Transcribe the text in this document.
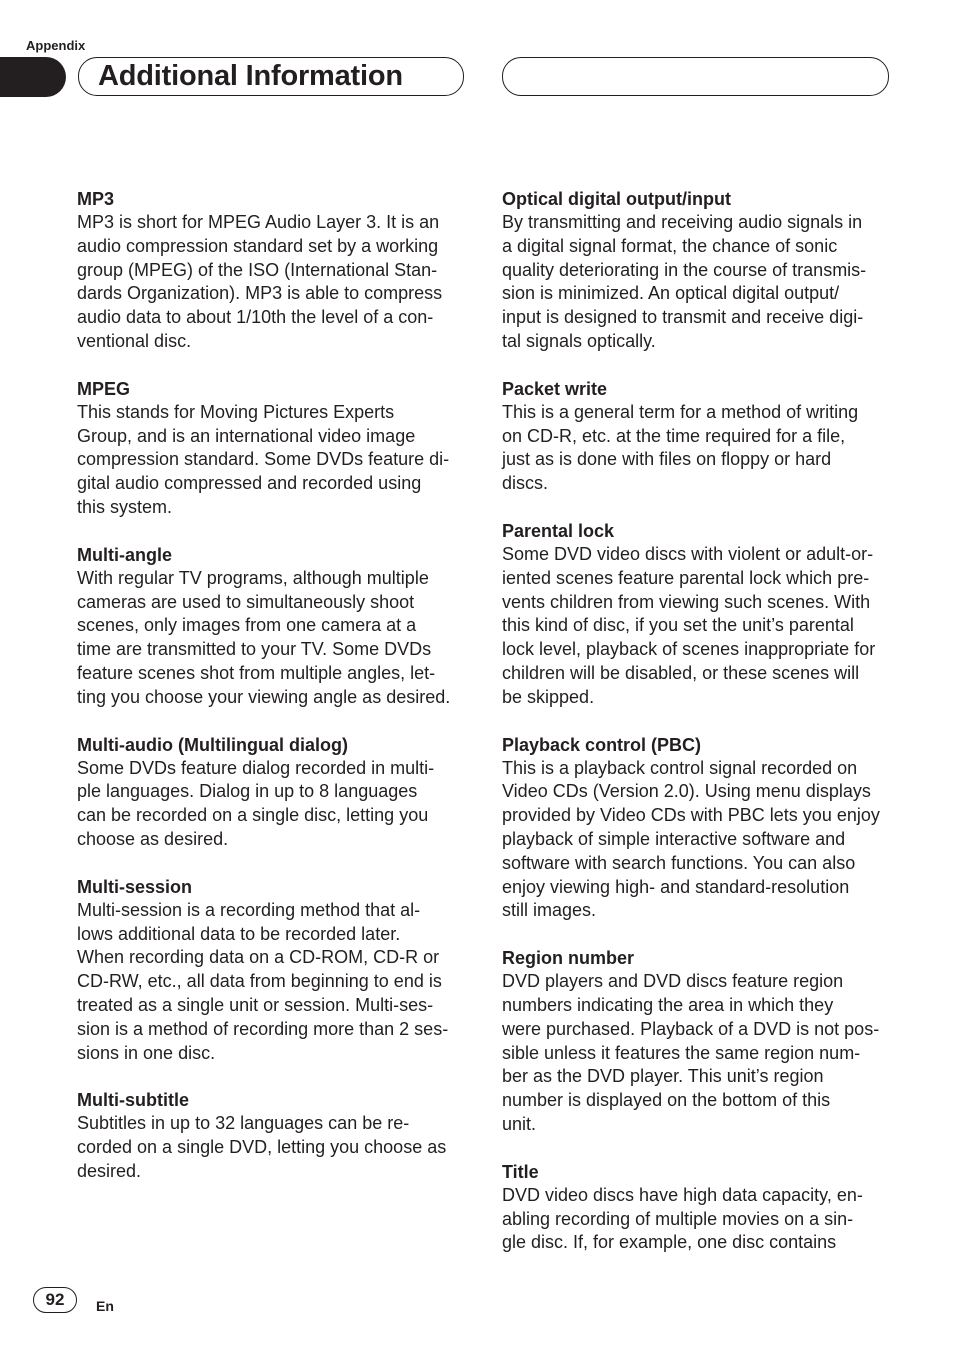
Appendix
Additional Information
MP3

MP3 is short for MPEG Audio Layer 3. It is an
audio compression standard set by a working
group (MPEG) of the ISO (International Stan-
dards Organization). MP3 is able to compress
audio data to about 1/10th the level of a con-
ventional disc.

MPEG

This stands for Moving Pictures Experts
Group, and is an international video image
compression standard. Some DVDs feature di-
gital audio compressed and recorded using
this system.

Multi-angle

With regular TV programs, although multiple
cameras are used to simultaneously shoot
scenes, only images from one camera at a
time are transmitted to your TV. Some DVDs
feature scenes shot from multiple angles, let-
ting you choose your viewing angle as desired.

Multi-audio (Multilingual dialog)

Some DVDs feature dialog recorded in multi-
ple languages. Dialog in up to 8 languages
can be recorded on a single disc, letting you
choose as desired.

Multi-session

Multi-session is a recording method that al-
lows additional data to be recorded later.
When recording data on a CD-ROM, CD-R or
CD-RW, etc., all data from beginning to end is
treated as a single unit or session. Multi-ses-
sion is a method of recording more than 2 ses-
sions in one disc.

Multi-subtitle

Subtitles in up to 32 languages can be re-
corded on a single DVD, letting you choose as
desired.

Optical digital output/input

By transmitting and receiving audio signals in
a digital signal format, the chance of sonic
quality deteriorating in the course of transmis-
sion is minimized. An optical digital output/
input is designed to transmit and receive digi-
tal signals optically.

Packet write

This is a general term for a method of writing
on CD-R, etc. at the time required for a file,
just as is done with files on floppy or hard
discs.

Parental lock

Some DVD video discs with violent or adult-or-
iented scenes feature parental lock which pre-
vents children from viewing such scenes. With
this kind of disc, if you set the unit’s parental
lock level, playback of scenes inappropriate for
children will be disabled, or these scenes will
be skipped.

Playback control (PBC)

This is a playback control signal recorded on
Video CDs (Version 2.0). Using menu displays
provided by Video CDs with PBC lets you enjoy
playback of simple interactive software and
software with search functions. You can also
enjoy viewing high- and standard-resolution
still images.

Region number

DVD players and DVD discs feature region
numbers indicating the area in which they
were purchased. Playback of a DVD is not pos-
sible unless it features the same region num-
ber as the DVD player. This unit’s region
number is displayed on the bottom of this
unit.

Title

DVD video discs have high data capacity, en-
abling recording of multiple movies on a sin-
gle disc. If, for example, one disc contains

92	En
